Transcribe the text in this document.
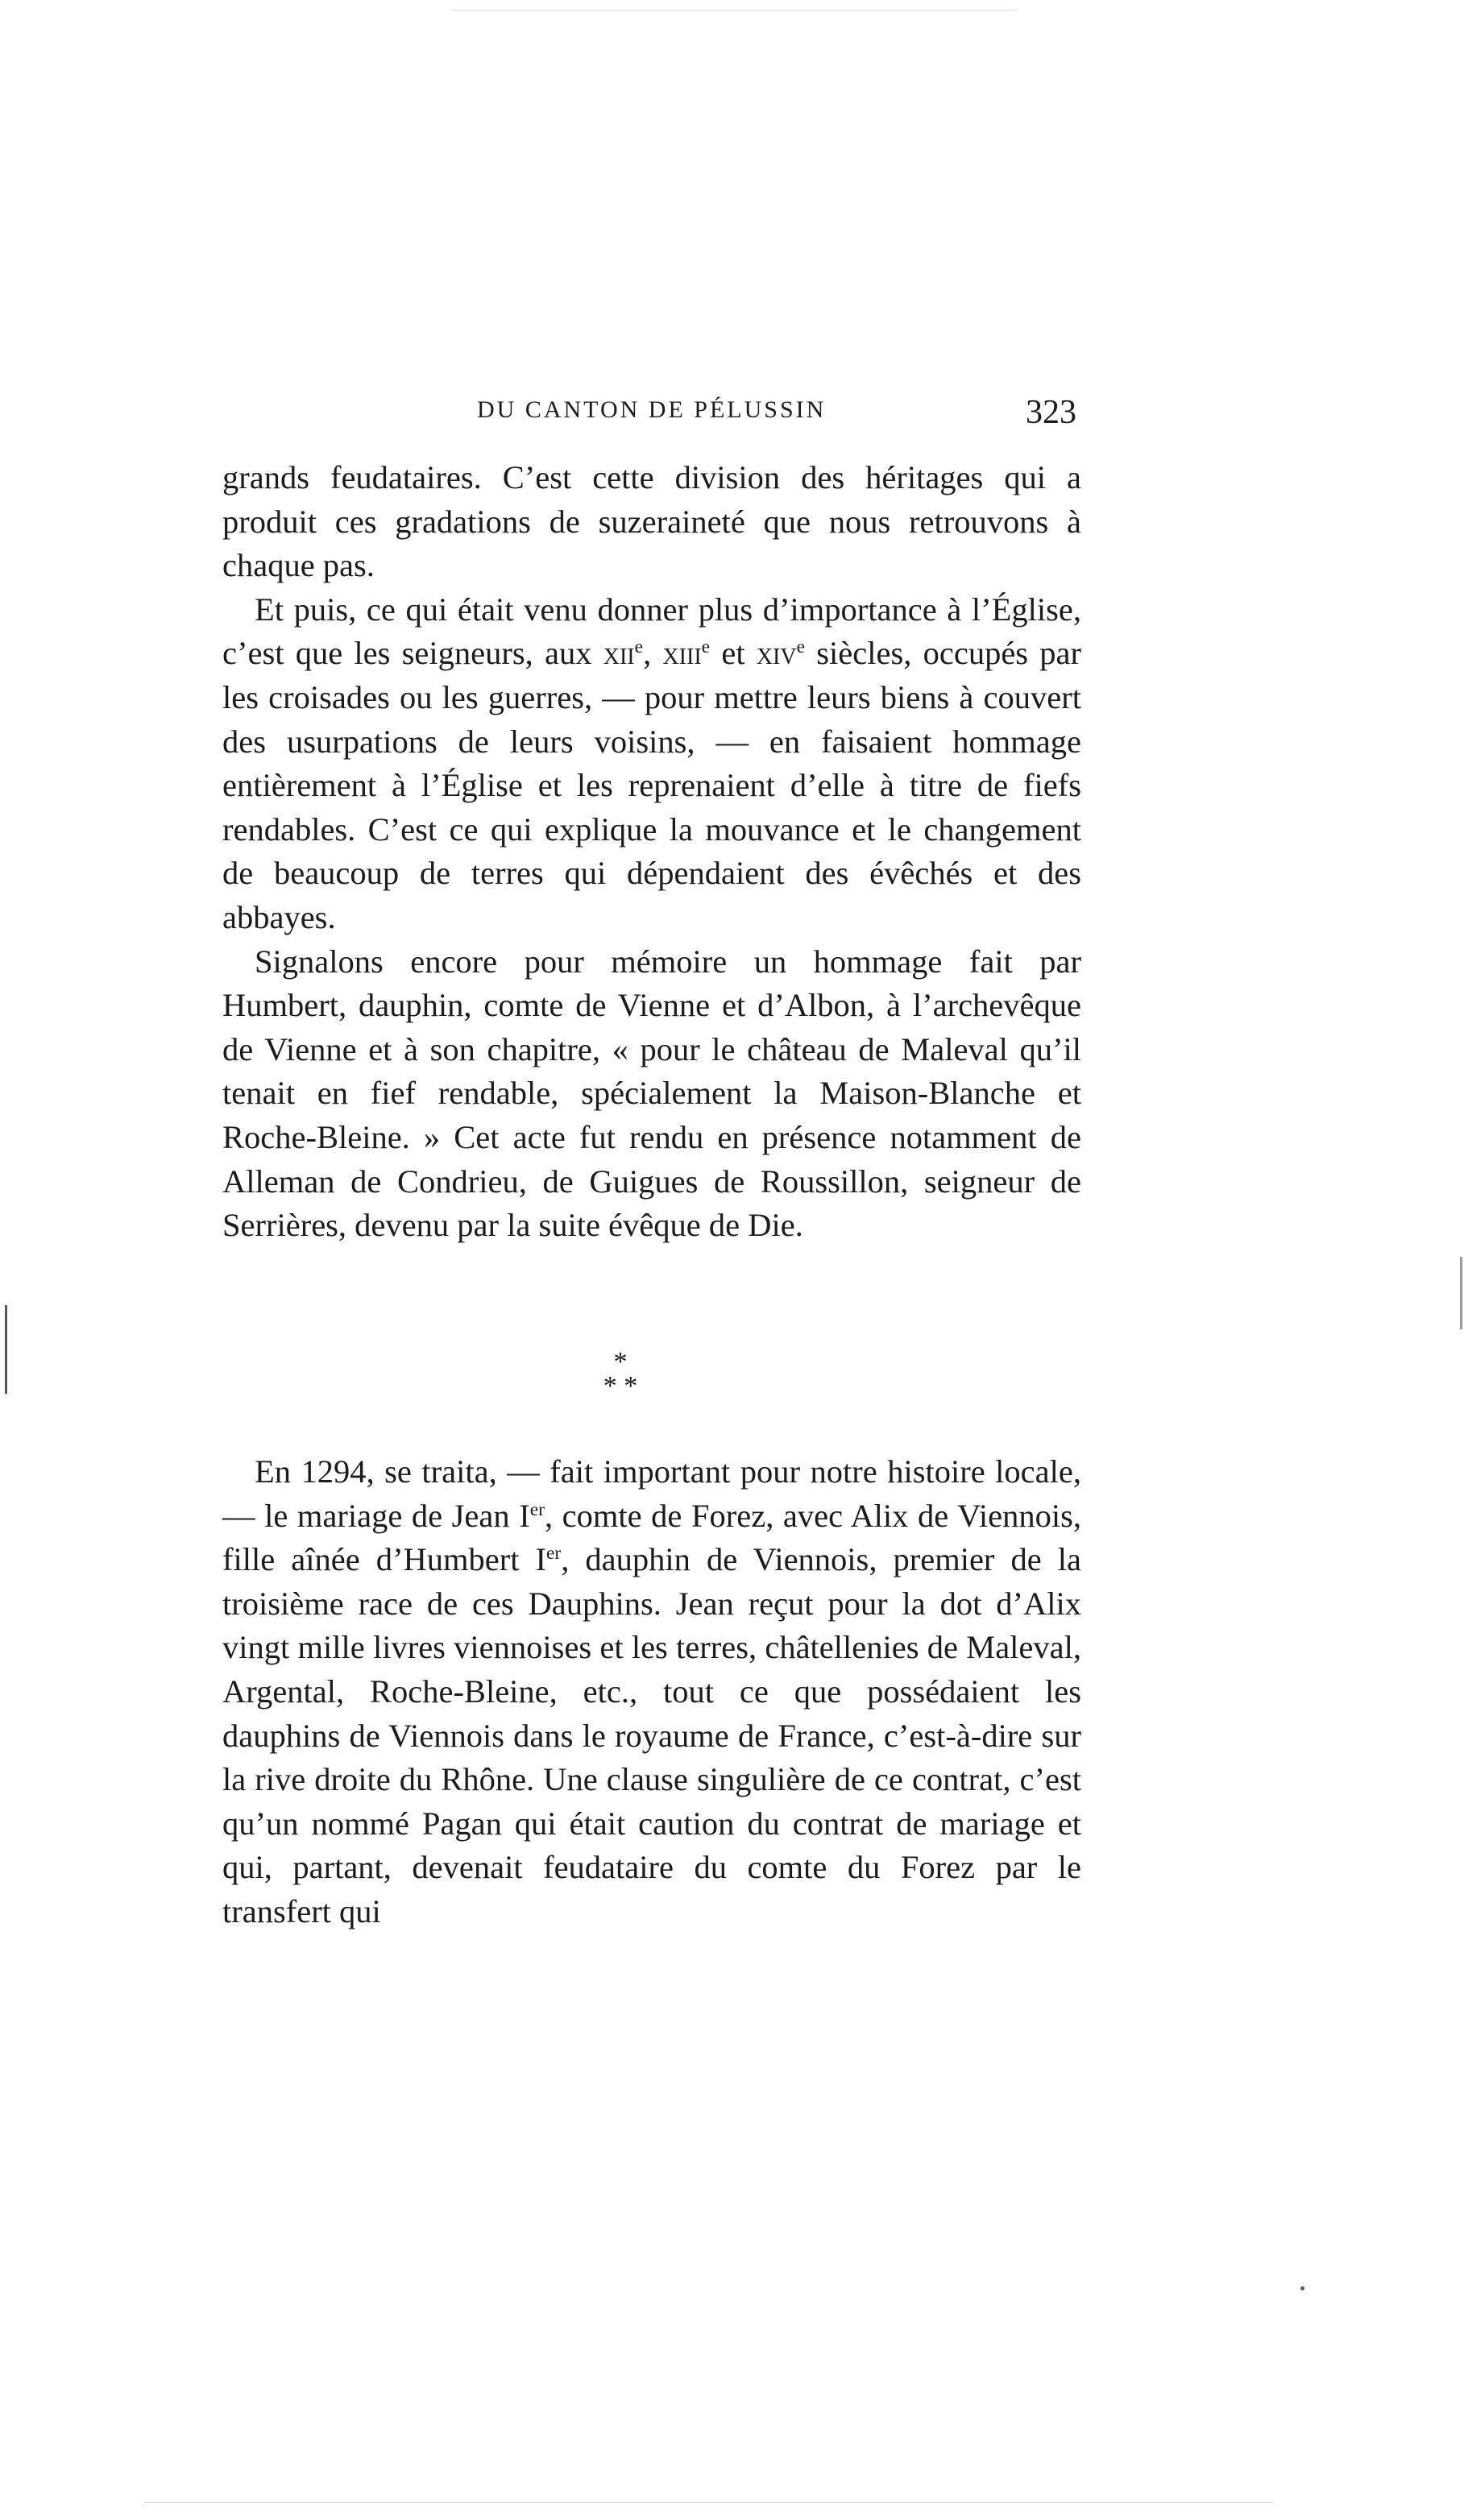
DU CANTON DE PÉLUSSIN	323

grands feudataires. C’est cette division des héritages qui a produit ces gradations de suzeraineté que nous retrouvons à chaque pas.

Et puis, ce qui était venu donner plus d’importance à l’Église, c’est que les seigneurs, aux xii$^e$, xiii$^e$ et xiv$^e$ siècles, occupés par les croisades ou les guerres, — pour mettre leurs biens à couvert des usurpations de leurs voisins, — en faisaient hommage entièrement à l’Église et les reprenaient d’elle à titre de fiefs rendables. C’est ce qui explique la mouvance et le changement de beaucoup de terres qui dépendaient des évêchés et des abbayes.

Signalons encore pour mémoire un hommage fait par Humbert, dauphin, comte de Vienne et d’Albon, à l’archevêque de Vienne et à son chapitre, « pour le château de Maleval qu’il tenait en fief rendable, spécialement la Maison-Blanche et Roche-Bleine. » Cet acte fut rendu en présence notamment de Alleman de Condrieu, de Guigues de Roussillon, seigneur de Serrières, devenu par la suite évêque de Die.

*
* *

En 1294, se traita, — fait important pour notre histoire locale, — le mariage de Jean Ier, comte de Forez, avec Alix de Viennois, fille aînée d’Humbert Ier, dauphin de Viennois, premier de la troisième race de ces Dauphins. Jean reçut pour la dot d’Alix vingt mille livres viennoises et les terres, châtellenies de Maleval, Argental, Roche-Bleine, etc., tout ce que possédaient les dauphins de Viennois dans le royaume de France, c’est-à-dire sur la rive droite du Rhône. Une clause singulière de ce contrat, c’est qu’un nommé Pagan qui était caution du contrat de mariage et qui, partant, devenait feudataire du comte du Forez par le transfert qui
